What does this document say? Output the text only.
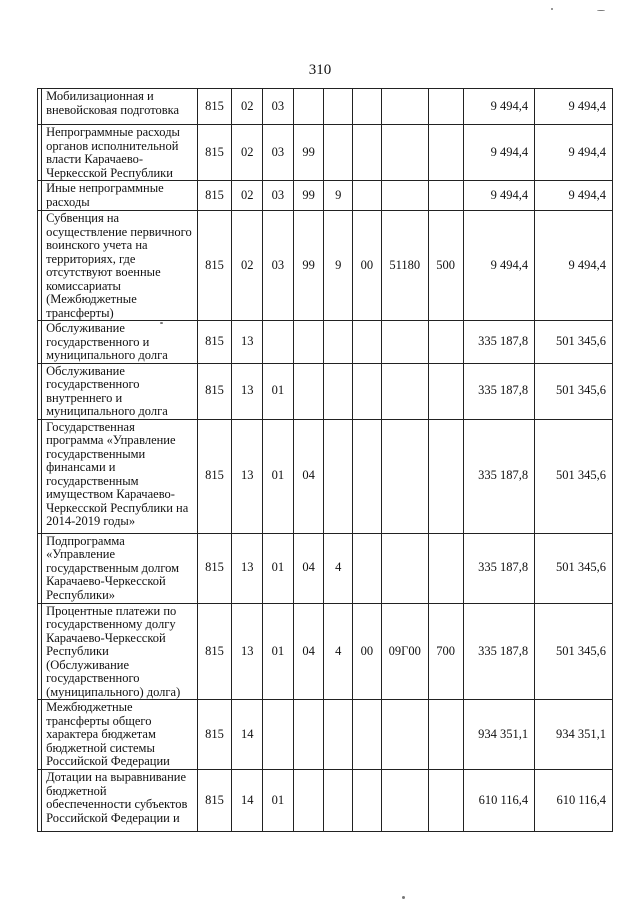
310
	Мобилизационная и вневойсковая подготовка	815	02	03						9 494,4	9 494,4
	Непрограммные расходы органов исполнительной власти Карачаево-Черкесской Республики	815	02	03	99					9 494,4	9 494,4
	Иные непрограммные расходы	815	02	03	99	9				9 494,4	9 494,4
	Субвенция на осуществление первичного воинского учета на территориях, где отсутствуют военные комиссариаты (Межбюджетные трансферты)	815	02	03	99	9	00	51180	500	9 494,4	9 494,4
	Обслуживание государственного и муниципального долга	815	13							335 187,8	501 345,6
	Обслуживание государственного внутреннего и муниципального долга	815	13	01						335 187,8	501 345,6
	Государственная программа «Управление государственными финансами и государственным имуществом Карачаево-Черкесской Республики на 2014-2019 годы»	815	13	01	04					335 187,8	501 345,6
	Подпрограмма «Управление государственным долгом Карачаево-Черкесской Республики»	815	13	01	04	4				335 187,8	501 345,6
	Процентные платежи по государственному долгу Карачаево-Черкесской Республики (Обслуживание государственного (муниципального) долга)	815	13	01	04	4	00	09Г00	700	335 187,8	501 345,6
	Межбюджетные трансферты общего характера бюджетам бюджетной системы Российской Федерации	815	14							934 351,1	934 351,1
	Дотации на выравнивание бюджетной обеспеченности субъектов Российской Федерации и	815	14	01						610 116,4	610 116,4
